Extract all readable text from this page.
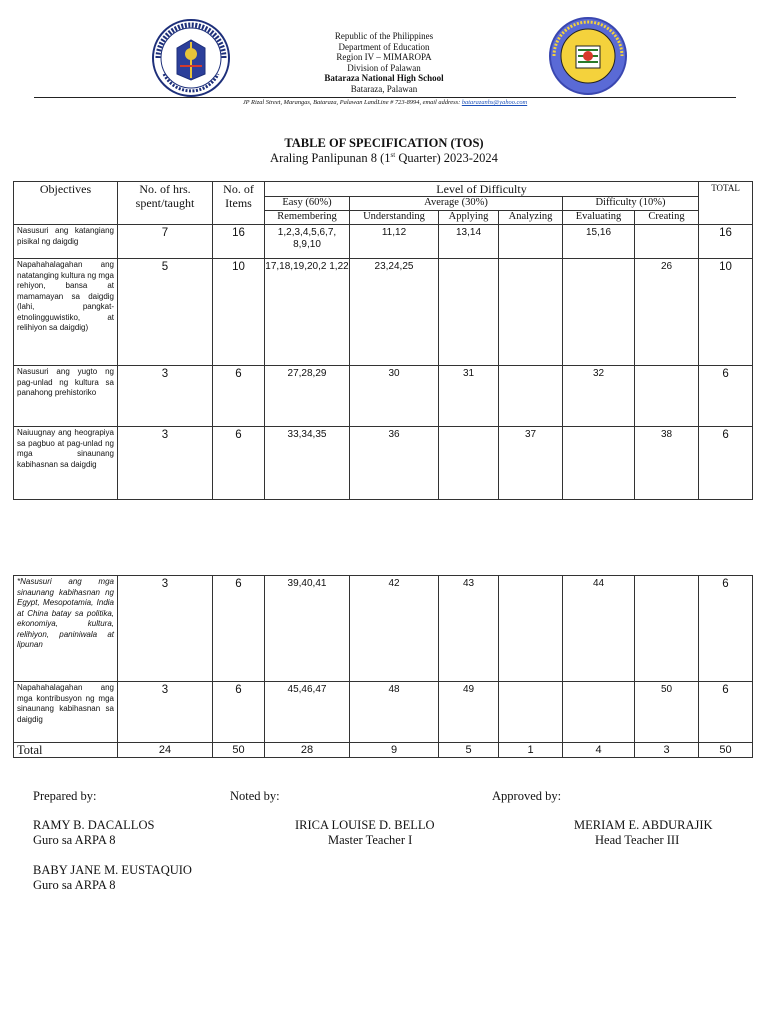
Republic of the Philippines
Department of Education
Region IV – MIMAROPA
Division of Palawan
Bataraza National High School
Bataraza, Palawan
JP Rizal Street, Marangas, Bataraza, Palawan LandLine # 723-8994, email address: batarazanhs@yahoo.com
TABLE OF SPECIFICATION (TOS)
Araling Panlipunan 8 (1st Quarter) 2023-2024
Objectives	No. of hrs. spent/taught	No. of Items	Level of Difficulty						TOTAL
			Easy (60%)	Average (30%)			Difficulty (10%)		
			Remembering	Understanding	Applying	Analyzing	Evaluating	Creating	
Nasusuri ang katangiang pisikal ng daigdig	7	16	1,2,3,4,5,6,7, 8,9,10	11,12	13,14		15,16		16
Napahahalagahan ang natatanging kultura ng mga rehiyon, bansa at mamamayan sa daigdig (lahi, pangkat-etnolingguwistiko, at relihiyon sa daigdig)	5	10	17,18,19,20,2 1,22	23,24,25				26	10
Nasusuri ang yugto ng pag-unlad ng kultura sa panahong prehistoriko	3	6	27,28,29	30	31		32		6
Naiuugnay ang heograpiya sa pagbuo at pag-unlad ng mga sinaunang kabihasnan sa daigdig	3	6	33,34,35	36		37		38	6
*Nasusuri ang mga sinaunang kabihasnan ng Egypt, Mesopotamia, India at China batay sa politika, ekonomiya, kultura, relihiyon, paniniwala at lipunan	3	6	39,40,41	42	43		44		6
Napahahalagahan ang mga kontribusyon ng mga sinaunang kabihasnan sa daigdig	3	6	45,46,47	48	49			50	6
Total	24	50	28	9	5	1	4	3	50
Prepared by:	Noted by:	Approved by:
RAMY B. DACALLOS
Guro sa ARPA 8
IRICA LOUISE D. BELLO
Master Teacher I
MERIAM E. ABDURAJIK
Head Teacher III
BABY JANE M. EUSTAQUIO
Guro sa ARPA 8
